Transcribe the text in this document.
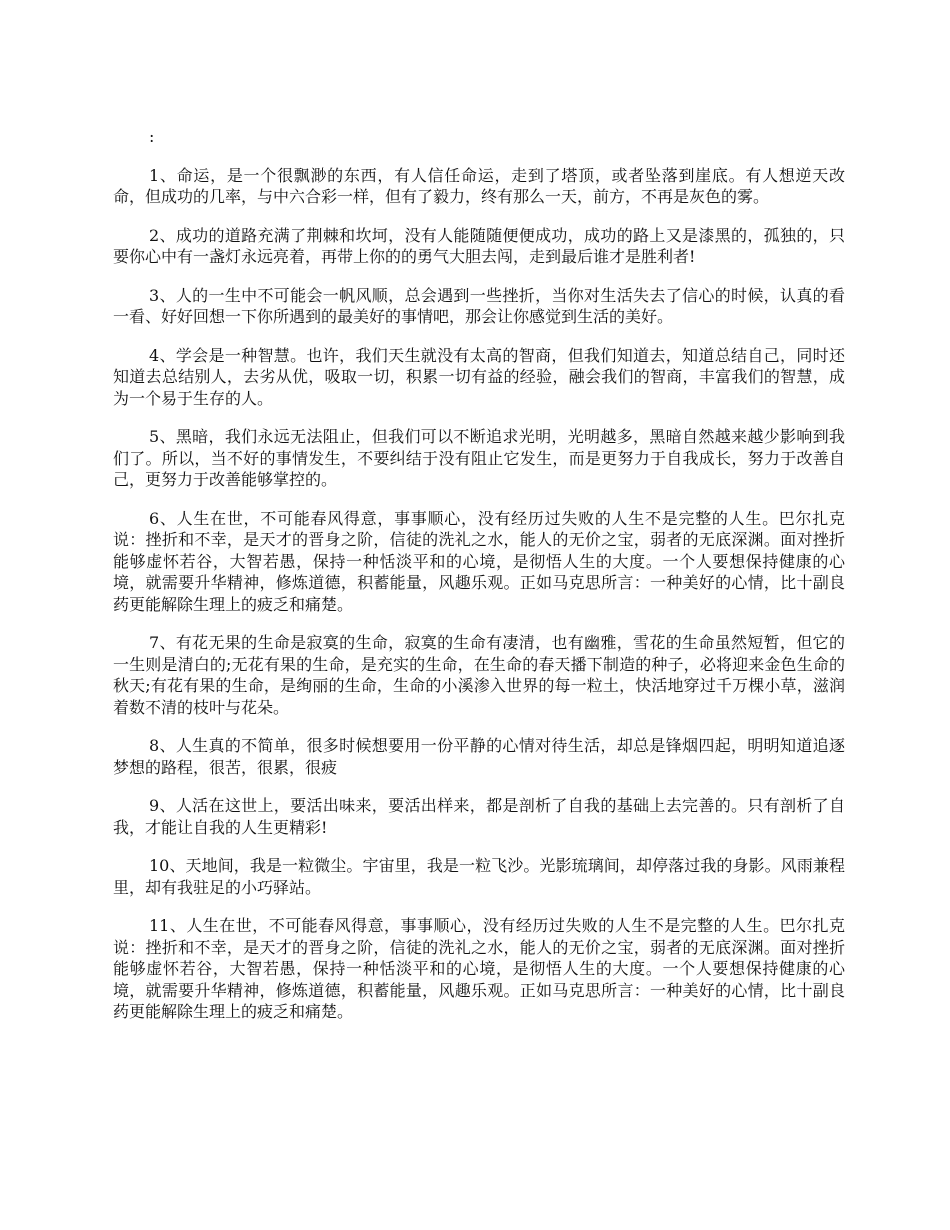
:

1、命运，是一个很飘渺的东西，有人信任命运，走到了塔顶，或者坠落到崖底。有人想逆天改命，但成功的几率，与中六合彩一样，但有了毅力，终有那么一天，前方，不再是灰色的雾。

2、成功的道路充满了荆棘和坎坷，没有人能随随便便成功，成功的路上又是漆黑的，孤独的，只要你心中有一盏灯永远亮着，再带上你的的勇气大胆去闯，走到最后谁才是胜利者!

3、人的一生中不可能会一帆风顺，总会遇到一些挫折，当你对生活失去了信心的时候，认真的看一看、好好回想一下你所遇到的最美好的事情吧，那会让你感觉到生活的美好。

4、学会是一种智慧。也许，我们天生就没有太高的智商，但我们知道去，知道总结自己，同时还知道去总结别人，去劣从优，吸取一切，积累一切有益的经验，融会我们的智商，丰富我们的智慧，成为一个易于生存的人。

5、黑暗，我们永远无法阻止，但我们可以不断追求光明，光明越多，黑暗自然越来越少影响到我们了。所以，当不好的事情发生，不要纠结于没有阻止它发生，而是更努力于自我成长，努力于改善自己，更努力于改善能够掌控的。

6、人生在世，不可能春风得意，事事顺心，没有经历过失败的人生不是完整的人生。巴尔扎克说：挫折和不幸，是天才的晋身之阶，信徒的洗礼之水，能人的无价之宝，弱者的无底深渊。面对挫折能够虚怀若谷，大智若愚，保持一种恬淡平和的心境，是彻悟人生的大度。一个人要想保持健康的心境，就需要升华精神，修炼道德，积蓄能量，风趣乐观。正如马克思所言：一种美好的心情，比十副良药更能解除生理上的疲乏和痛楚。

7、有花无果的生命是寂寞的生命，寂寞的生命有凄清，也有幽雅，雪花的生命虽然短暂，但它的一生则是清白的;无花有果的生命，是充实的生命，在生命的春天播下制造的种子，必将迎来金色生命的秋天;有花有果的生命，是绚丽的生命，生命的小溪渗入世界的每一粒土，快活地穿过千万棵小草，滋润着数不清的枝叶与花朵。

8、人生真的不简单，很多时候想要用一份平静的心情对待生活，却总是锋烟四起，明明知道追逐梦想的路程，很苦，很累，很疲

9、人活在这世上，要活出味来，要活出样来，都是剖析了自我的基础上去完善的。只有剖析了自我，才能让自我的人生更精彩!

10、天地间，我是一粒微尘。宇宙里，我是一粒飞沙。光影琉璃间，却停落过我的身影。风雨兼程里，却有我驻足的小巧驿站。

11、人生在世，不可能春风得意，事事顺心，没有经历过失败的人生不是完整的人生。巴尔扎克说：挫折和不幸，是天才的晋身之阶，信徒的洗礼之水，能人的无价之宝，弱者的无底深渊。面对挫折能够虚怀若谷，大智若愚，保持一种恬淡平和的心境，是彻悟人生的大度。一个人要想保持健康的心境，就需要升华精神，修炼道德，积蓄能量，风趣乐观。正如马克思所言：一种美好的心情，比十副良药更能解除生理上的疲乏和痛楚。
